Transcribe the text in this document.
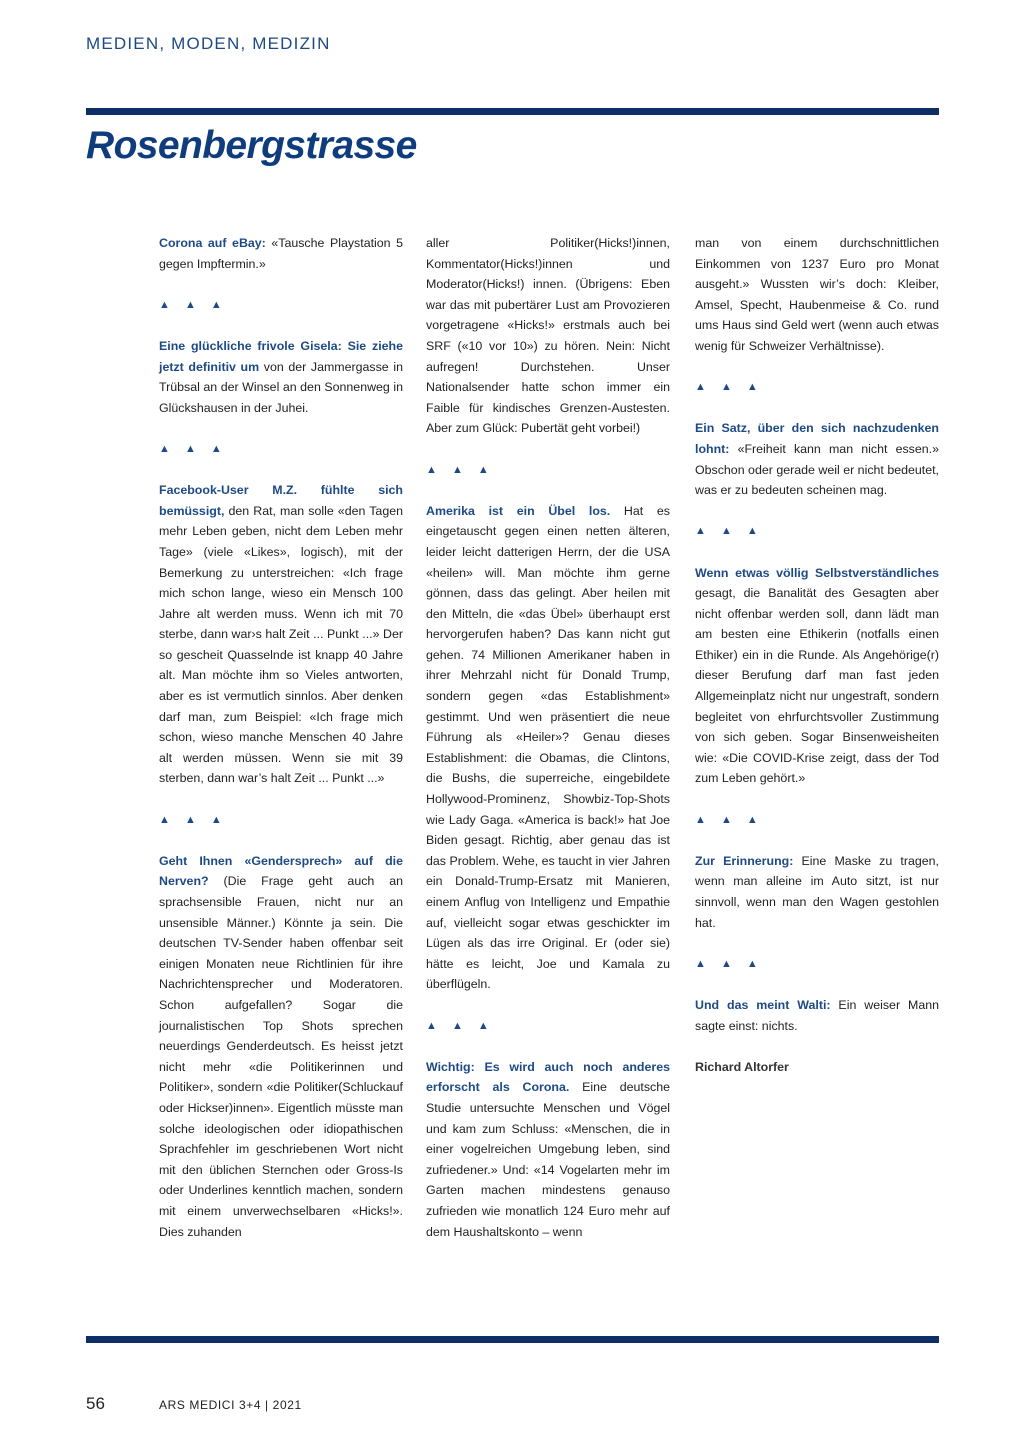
MEDIEN, MODEN, MEDIZIN
Rosenbergstrasse

Corona auf eBay: «Tausche Playstation 5 gegen Impftermin.»

▲ ▲ ▲

Eine glückliche frivole Gisela: Sie ziehe jetzt definitiv um von der Jammergasse in Trübsal an der Winsel an den Sonnenweg in Glückshausen in der Juhei.

▲ ▲ ▲

Facebook-User M.Z. fühlte sich bemüssigt, den Rat, man solle «den Tagen mehr Leben geben, nicht dem Leben mehr Tage» (viele «Likes», logisch), mit der Bemerkung zu unterstreichen: «Ich frage mich schon lange, wieso ein Mensch 100 Jahre alt werden muss. Wenn ich mit 70 sterbe, dann war›s halt Zeit ... Punkt ...» Der so gescheit Quasselnde ist knapp 40 Jahre alt. Man möchte ihm so Vieles antworten, aber es ist vermutlich sinnlos. Aber denken darf man, zum Beispiel: «Ich frage mich schon, wieso manche Menschen 40 Jahre alt werden müssen. Wenn sie mit 39 sterben, dann war’s halt Zeit ... Punkt ...»

▲ ▲ ▲

Geht Ihnen «Gendersprech» auf die Nerven? (Die Frage geht auch an sprachsensible Frauen, nicht nur an unsensible Männer.) Könnte ja sein. Die deutschen TV-Sender haben offenbar seit einigen Monaten neue Richtlinien für ihre Nachrichtensprecher und Moderatoren. Schon aufgefallen? Sogar die journalistischen Top Shots sprechen neuerdings Genderdeutsch. Es heisst jetzt nicht mehr «die Politikerinnen und Politiker», sondern «die Politiker(Schluckauf oder Hickser)innen». Eigentlich müsste man solche ideologischen oder idiopathischen Sprachfehler im geschriebenen Wort nicht mit den üblichen Sternchen oder Gross-Is oder Underlines kenntlich machen, sondern mit einem unverwechselbaren «Hicks!». Dies zuhanden

aller Politiker(Hicks!)innen, Kommentator(Hicks!)innen und Moderator(Hicks!) innen. (Übrigens: Eben war das mit pubertärer Lust am Provozieren vorgetragene «Hicks!» erstmals auch bei SRF («10 vor 10») zu hören. Nein: Nicht aufregen! Durchstehen. Unser Nationalsender hatte schon immer ein Faible für kindisches Grenzen-Austesten. Aber zum Glück: Pubertät geht vorbei!)

▲ ▲ ▲

Amerika ist ein Übel los. Hat es eingetauscht gegen einen netten älteren, leider leicht datterigen Herrn, der die USA «heilen» will. Man möchte ihm gerne gönnen, dass das gelingt. Aber heilen mit den Mitteln, die «das Übel» überhaupt erst hervorgerufen haben? Das kann nicht gut gehen. 74 Millionen Amerikaner haben in ihrer Mehrzahl nicht für Donald Trump, sondern gegen «das Establishment» gestimmt. Und wen präsentiert die neue Führung als «Heiler»? Genau dieses Establishment: die Obamas, die Clintons, die Bushs, die superreiche, eingebildete Hollywood-Prominenz, Showbiz-Top-Shots wie Lady Gaga. «America is back!» hat Joe Biden gesagt. Richtig, aber genau das ist das Problem. Wehe, es taucht in vier Jahren ein Donald-Trump-Ersatz mit Manieren, einem Anflug von Intelligenz und Empathie auf, vielleicht sogar etwas geschickter im Lügen als das irre Original. Er (oder sie) hätte es leicht, Joe und Kamala zu überflügeln.

▲ ▲ ▲

Wichtig: Es wird auch noch anderes erforscht als Corona. Eine deutsche Studie untersuchte Menschen und Vögel und kam zum Schluss: «Menschen, die in einer vogelreichen Umgebung leben, sind zufriedener.» Und: «14 Vogelarten mehr im Garten machen mindestens genauso zufrieden wie monatlich 124 Euro mehr auf dem Haushaltskonto – wenn

man von einem durchschnittlichen Einkommen von 1237 Euro pro Monat ausgeht.» Wussten wir’s doch: Kleiber, Amsel, Specht, Haubenmeise & Co. rund ums Haus sind Geld wert (wenn auch etwas wenig für Schweizer Verhältnisse).

▲ ▲ ▲

Ein Satz, über den sich nachzudenken lohnt: «Freiheit kann man nicht essen.» Obschon oder gerade weil er nicht bedeutet, was er zu bedeuten scheinen mag.

▲ ▲ ▲

Wenn etwas völlig Selbstverständliches gesagt, die Banalität des Gesagten aber nicht offenbar werden soll, dann lädt man am besten eine Ethikerin (notfalls einen Ethiker) ein in die Runde. Als Angehörige(r) dieser Berufung darf man fast jeden Allgemeinplatz nicht nur ungestraft, sondern begleitet von ehrfurchtsvoller Zustimmung von sich geben. Sogar Binsenweisheiten wie: «Die COVID-Krise zeigt, dass der Tod zum Leben gehört.»

▲ ▲ ▲

Zur Erinnerung: Eine Maske zu tragen, wenn man alleine im Auto sitzt, ist nur sinnvoll, wenn man den Wagen gestohlen hat.

▲ ▲ ▲

Und das meint Walti: Ein weiser Mann sagte einst: nichts.

Richard Altorfer
56	ARS MEDICI 3+4 | 2021
